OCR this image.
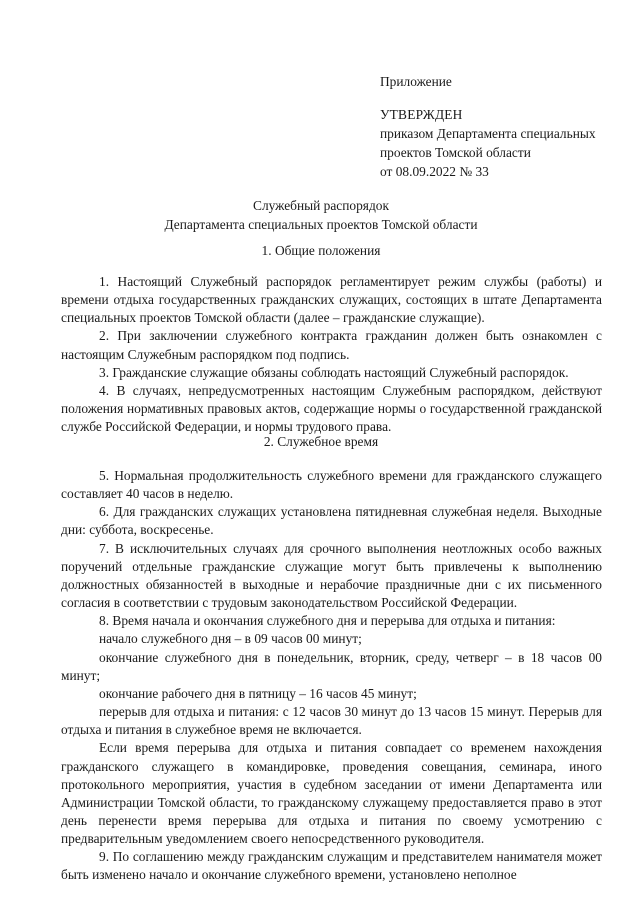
Приложение
УТВЕРЖДЕН
приказом Департамента специальных
проектов Томской области
от 08.09.2022 № 33
Служебный распорядок
Департамента специальных проектов Томской области
1. Общие положения

1. Настоящий Служебный распорядок регламентирует режим службы (работы) и времени отдыха государственных гражданских служащих, состоящих в штате Департамента специальных проектов Томской области (далее – гражданские служащие).

2. При заключении служебного контракта гражданин должен быть ознакомлен с настоящим Служебным распорядком под подпись.

3. Гражданские служащие обязаны соблюдать настоящий Служебный распорядок.

4. В случаях, непредусмотренных настоящим Служебным распорядком, действуют положения нормативных правовых актов, содержащие нормы о государственной гражданской службе Российской Федерации, и нормы трудового права.

2. Служебное время

5. Нормальная продолжительность служебного времени для гражданского служащего составляет 40 часов в неделю.

6. Для гражданских служащих установлена пятидневная служебная неделя. Выходные дни: суббота, воскресенье.

7. В исключительных случаях для срочного выполнения неотложных особо важных поручений отдельные гражданские служащие могут быть привлечены к выполнению должностных обязанностей в выходные и нерабочие праздничные дни с их письменного согласия в соответствии с трудовым законодательством Российской Федерации.

8. Время начала и окончания служебного дня и перерыва для отдыха и питания:

начало служебного дня – в 09 часов 00 минут;

окончание служебного дня в понедельник, вторник, среду, четверг – в 18 часов 00 минут;

окончание рабочего дня в пятницу – 16 часов 45 минут;

перерыв для отдыха и питания: с 12 часов 30 минут до 13 часов 15 минут. Перерыв для отдыха и питания в служебное время не включается.

Если время перерыва для отдыха и питания совпадает со временем нахождения гражданского служащего в командировке, проведения совещания, семинара, иного протокольного мероприятия, участия в судебном заседании от имени Департамента или Администрации Томской области, то гражданскому служащему предоставляется право в этот день перенести время перерыва для отдыха и питания по своему усмотрению с предварительным уведомлением своего непосредственного руководителя.

9. По соглашению между гражданским служащим и представителем нанимателя может быть изменено начало и окончание служебного времени, установлено неполное
